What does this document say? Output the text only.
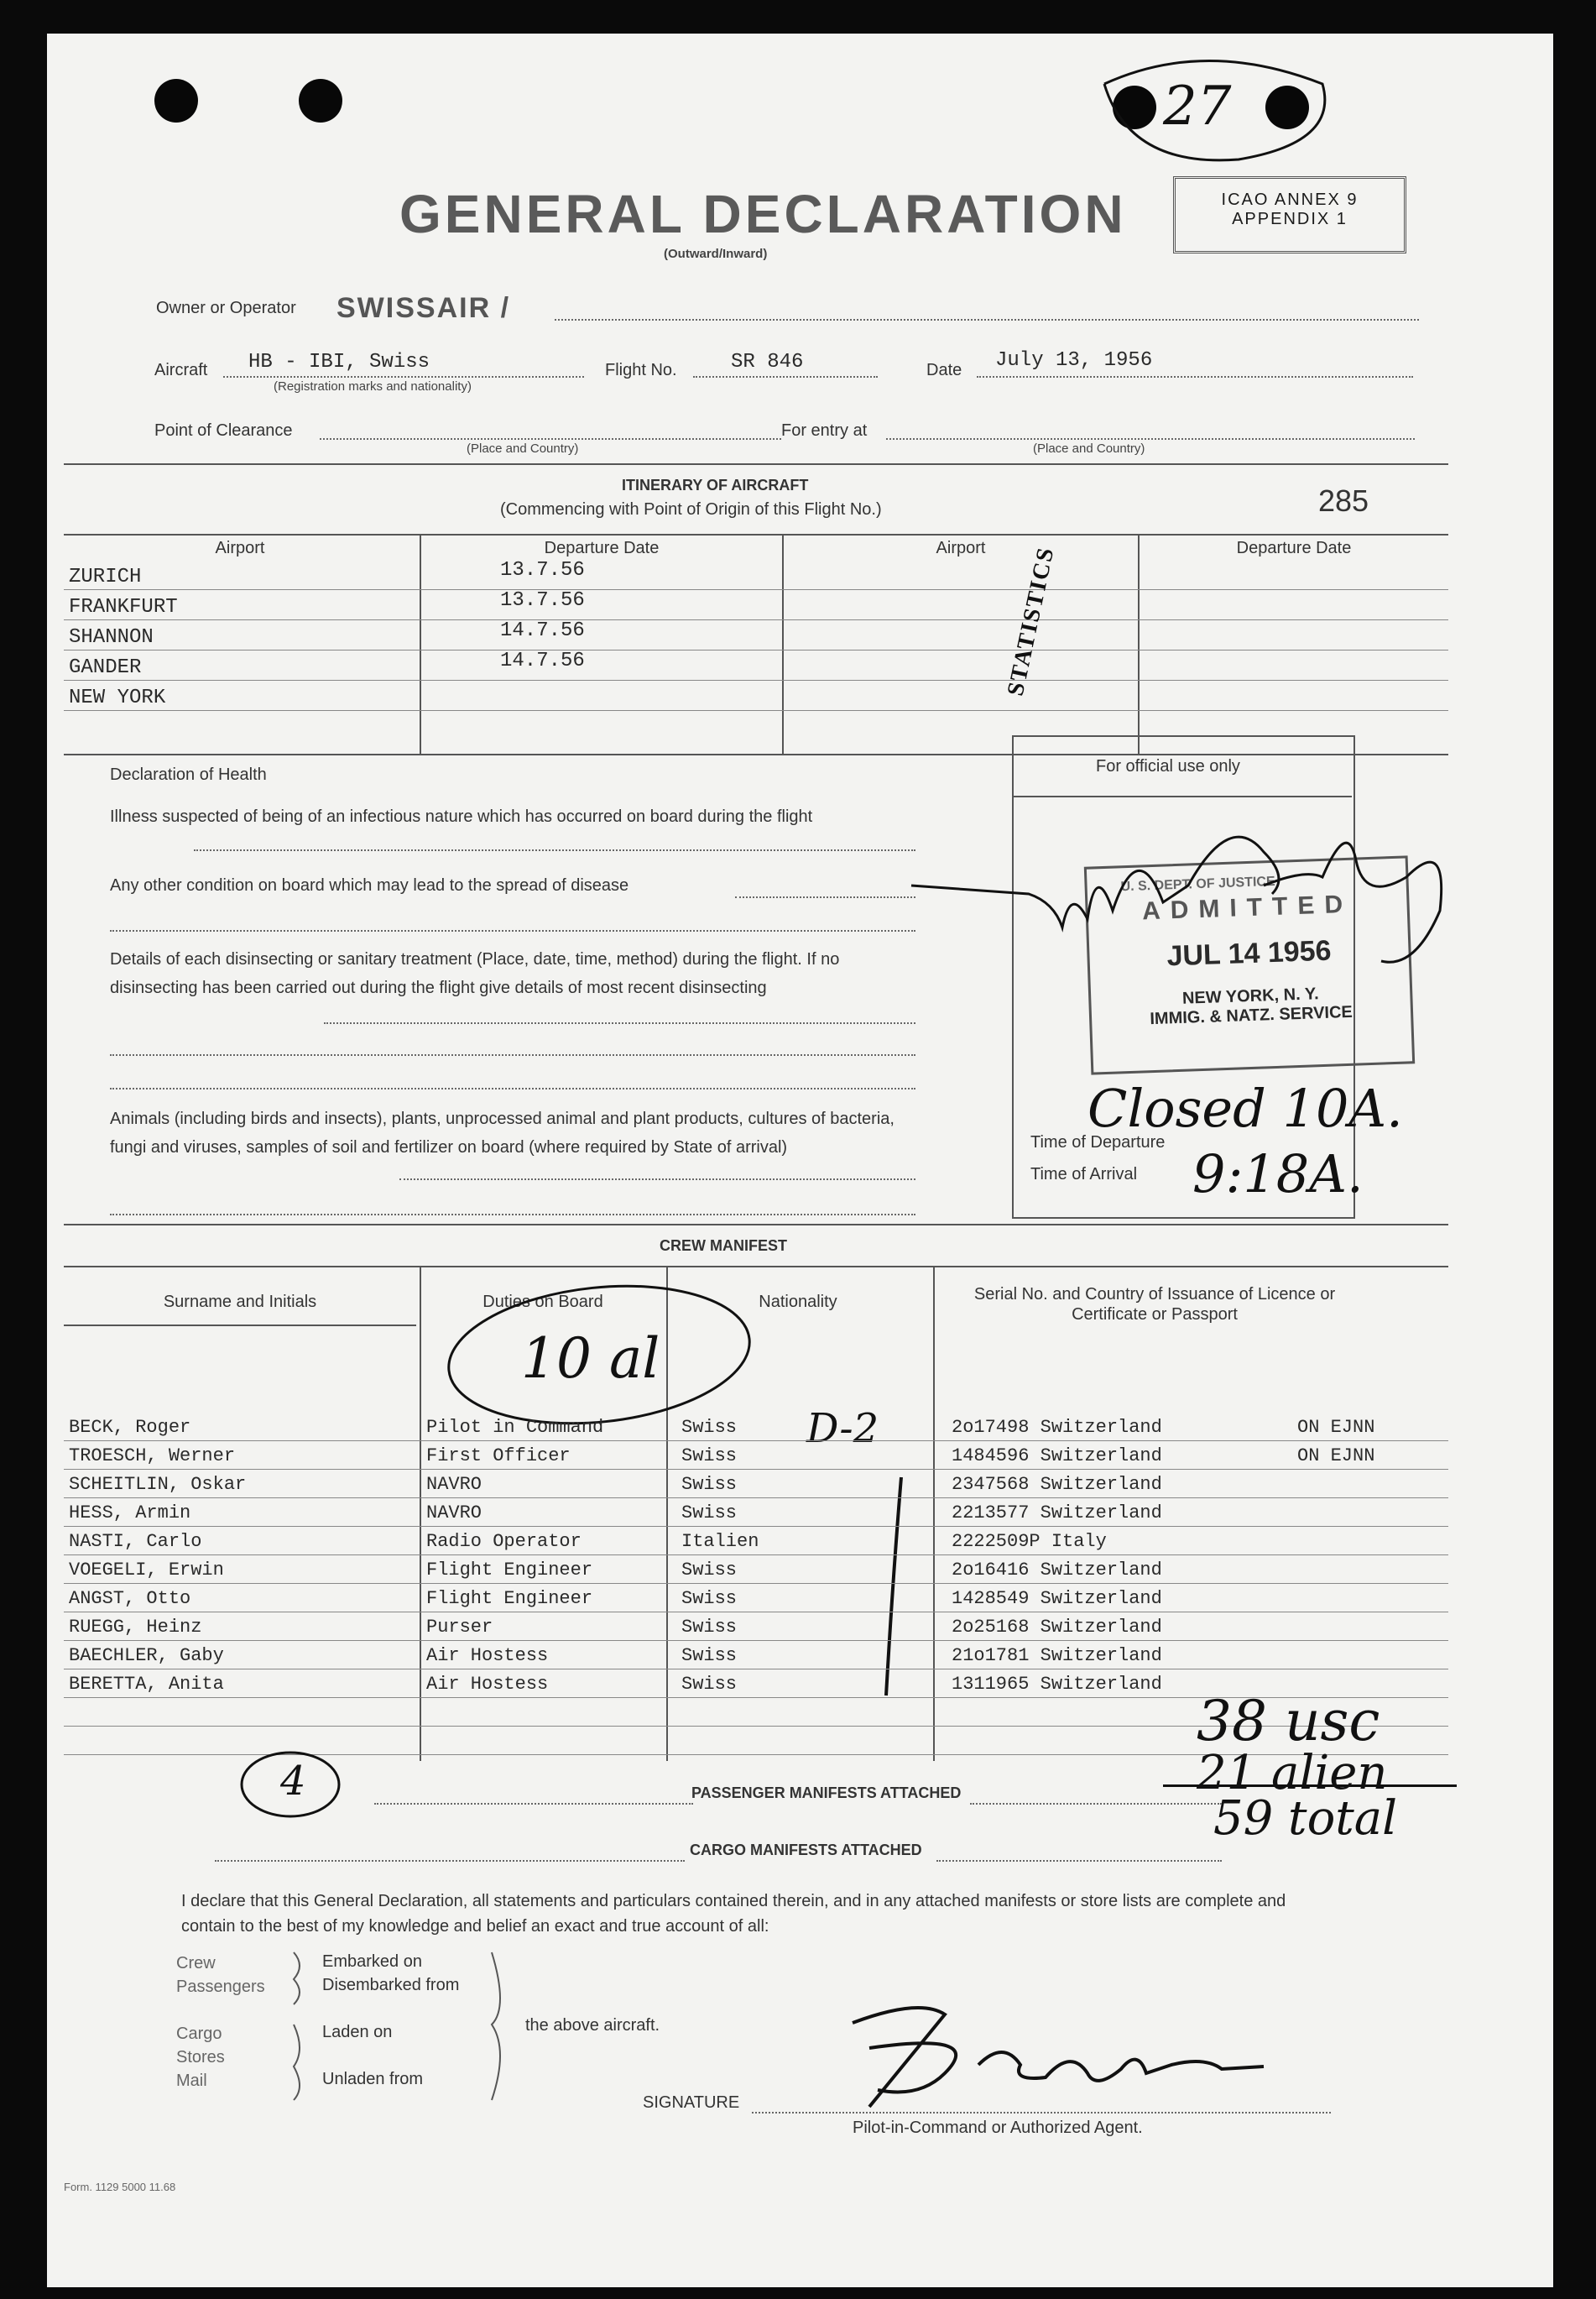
27
GENERAL DECLARATION
(Outward/Inward)
ICAO ANNEX 9
APPENDIX 1
Owner or Operator SWISSAIR /
Aircraft HB - IBI, Swiss
(Registration marks and nationality)
Flight No.	SR 846	Date July 13, 1956
Point of Clearance
(Place and Country)
For entry at
(Place and Country)
ITINERARY OF AIRCRAFT
(Commencing with Point of Origin of this Flight No.)	285
Airport	Departure Date	Airport	Departure Date
ZURICH	13.7.56
FRANKFURT	13.7.56
SHANNON	14.7.56
GANDER	14.7.56
NEW YORK
Declaration of Health
Illness suspected of being of an infectious nature which has occurred on board during the flight
Any other condition on board which may lead to the spread of disease
Details of each disinsecting or sanitary treatment (Place, date, time, method) during the flight. If no disinsecting has been carried out during the flight give details of most recent disinsecting
Animals (including birds and insects), plants, unprocessed animal and plant products, cultures of bacteria, fungi and viruses, samples of soil and fertilizer on board (where required by State of arrival)
STATISTICS
For official use only
U. S. DEPT. OF JUSTICE
ADMITTED
JUL 14 1956
NEW YORK, N. Y.
IMMIG. & NATZ. SERVICE
Time of Departure
Time of Arrival
Closed 10A.
9:18A.
CREW MANIFEST
Surname and Initials	Duties on Board	Nationality	Serial No. and Country of Issuance of Licence or Certificate or Passport
10 al
D-2
BECK, Roger	Pilot in Command	Swiss	2o17498 Switzerland	ON EJNN
TROESCH, Werner	First Officer	Swiss	1484596 Switzerland	ON EJNN
SCHEITLIN, Oskar	NAVRO	Swiss	2347568 Switzerland
HESS, Armin	NAVRO	Swiss	2213577 Switzerland
NASTI, Carlo	Radio Operator	Italien	2222509P Italy
VOEGELI, Erwin	Flight Engineer	Swiss	2o16416 Switzerland
ANGST, Otto	Flight Engineer	Swiss	1428549 Switzerland
RUEGG, Heinz	Purser	Swiss	2o25168 Switzerland
BAECHLER, Gaby	Air Hostess	Swiss	21o1781 Switzerland
BERETTA, Anita	Air Hostess	Swiss	1311965 Switzerland
38 usc
21 alien
59 total
4	PASSENGER MANIFESTS ATTACHED
CARGO MANIFESTS ATTACHED
I declare that this General Declaration, all statements and particulars contained therein, and in any attached manifests or store lists are complete and contain to the best of my knowledge and belief an exact and true account of all:
Crew
Passengers
Embarked on
Disembarked from
Cargo
Stores
Mail
Laden on
Unladen from
the above aircraft.
SIGNATURE
Pilot-in-Command or Authorized Agent.
Form. 1129 5000 11.68
